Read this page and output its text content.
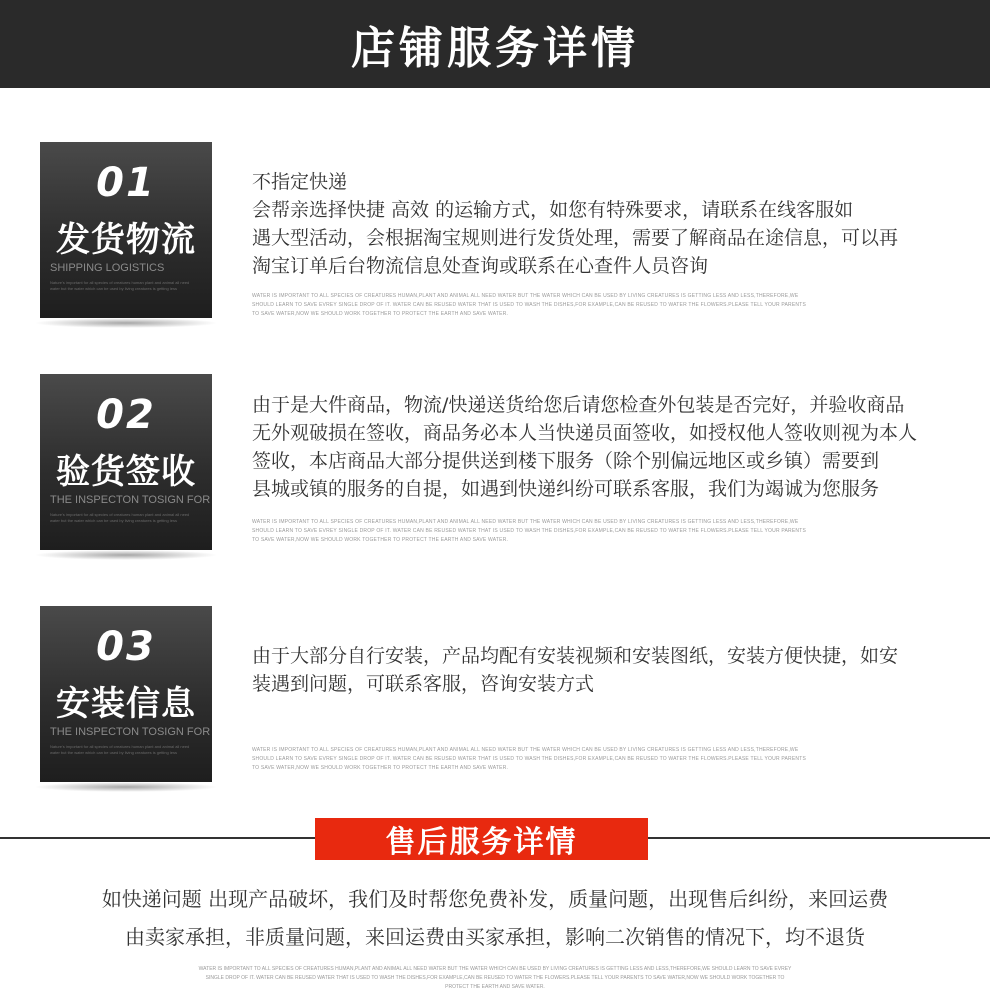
店铺服务详情
01
发货物流
SHIPPING LOGISTICS
Nature's important for all species of creatures human plant and animal all need water but the water which can be used by living creatures is getting less
不指定快递
会帮亲选择快捷 高效 的运输方式，如您有特殊要求，请联系在线客服如
遇大型活动，会根据淘宝规则进行发货处理，需要了解商品在途信息，可以再
淘宝订单后台物流信息处查询或联系在心查件人员咨询
WATER IS IMPORTANT TO ALL SPECIES OF CREATURES HUMAN,PLANT AND ANIMAL ALL NEED WATER BUT THE WATER WHICH CAN BE USED BY LIVING CREATURES IS GETTING LESS AND LESS,THEREFORE,WE SHOULD LEARN TO SAVE EVREY SINGLE DROP OF IT. WATER CAN BE REUSED WATER THAT IS USED TO WASH THE DISHES,FOR EXAMPLE,CAN BE REUSED TO WATER THE FLOWERS.PLEASE TELL YOUR PARENTS TO SAVE WATER,NOW WE SHOULD WORK TOGETHER TO PROTECT THE EARTH AND SAVE WATER.
02
验货签收
THE INSPECTON TOSIGN FOR
Nature's important for all species of creatures human plant and animal all need water but the water which can be used by living creatures is getting less
由于是大件商品，物流/快递送货给您后请您检查外包装是否完好，并验收商品
无外观破损在签收，商品务必本人当快递员面签收，如授权他人签收则视为本人
签收，本店商品大部分提供送到楼下服务（除个别偏远地区或乡镇）需要到
县城或镇的服务的自提，如遇到快递纠纷可联系客服，我们为竭诚为您服务
WATER IS IMPORTANT TO ALL SPECIES OF CREATURES HUMAN,PLANT AND ANIMAL ALL NEED WATER BUT THE WATER WHICH CAN BE USED BY LIVING CREATURES IS GETTING LESS AND LESS,THEREFORE,WE SHOULD LEARN TO SAVE EVREY SINGLE DROP OF IT. WATER CAN BE REUSED WATER THAT IS USED TO WASH THE DISHES,FOR EXAMPLE,CAN BE REUSED TO WATER THE FLOWERS.PLEASE TELL YOUR PARENTS TO SAVE WATER,NOW WE SHOULD WORK TOGETHER TO PROTECT THE EARTH AND SAVE WATER.
03
安装信息
THE INSPECTON TOSIGN FOR
Nature's important for all species of creatures human plant and animal all need water but the water which can be used by living creatures is getting less
由于大部分自行安装，产品均配有安装视频和安装图纸，安装方便快捷，如安
装遇到问题，可联系客服，咨询安装方式
WATER IS IMPORTANT TO ALL SPECIES OF CREATURES HUMAN,PLANT AND ANIMAL ALL NEED WATER BUT THE WATER WHICH CAN BE USED BY LIVING CREATURES IS GETTING LESS AND LESS,THEREFORE,WE SHOULD LEARN TO SAVE EVREY SINGLE DROP OF IT. WATER CAN BE REUSED WATER THAT IS USED TO WASH THE DISHES,FOR EXAMPLE,CAN BE REUSED TO WATER THE FLOWERS.PLEASE TELL YOUR PARENTS TO SAVE WATER,NOW WE SHOULD WORK TOGETHER TO PROTECT THE EARTH AND SAVE WATER.
售后服务详情
如快递问题 出现产品破坏，我们及时帮您免费补发，质量问题，出现售后纠纷，来回运费
由卖家承担，非质量问题，来回运费由买家承担，影响二次销售的情况下，均不退货
WATER IS IMPORTANT TO ALL SPECIES OF CREATURES HUMAN,PLANT AND ANIMAL ALL NEED WATER BUT THE WATER WHICH CAN BE USED BY LIVING CREATURES IS GETTING LESS AND LESS,THEREFORE,WE SHOULD LEARN TO SAVE EVREY SINGLE DROP OF IT. WATER CAN BE REUSED WATER THAT IS USED TO WASH THE DISHES,FOR EXAMPLE,CAN BE REUSED TO WATER THE FLOWERS.PLEASE TELL YOUR PARENTS TO SAVE WATER,NOW WE SHOULD WORK TOGETHER TO PROTECT THE EARTH AND SAVE WATER.
